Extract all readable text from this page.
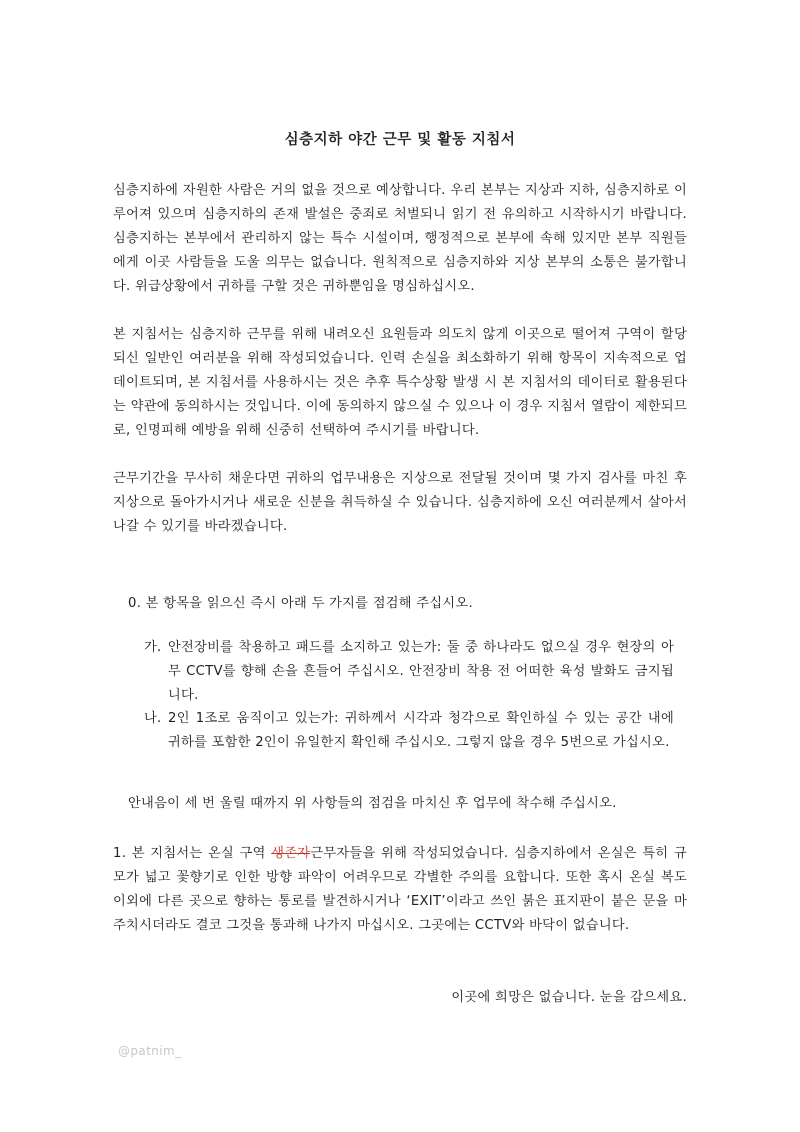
심층지하 야간 근무 및 활동 지침서

심층지하에 자원한 사람은 거의 없을 것으로 예상합니다. 우리 본부는 지상과 지하, 심층지하로 이루어져 있으며 심층지하의 존재 발설은 중죄로 처벌되니 읽기 전 유의하고 시작하시기 바랍니다. 심층지하는 본부에서 관리하지 않는 특수 시설이며, 행정적으로 본부에 속해 있지만 본부 직원들에게 이곳 사람들을 도울 의무는 없습니다. 원칙적으로 심층지하와 지상 본부의 소통은 불가합니다. 위급상황에서 귀하를 구할 것은 귀하뿐임을 명심하십시오.

본 지침서는 심층지하 근무를 위해 내려오신 요원들과 의도치 않게 이곳으로 떨어져 구역이 할당되신 일반인 여러분을 위해 작성되었습니다. 인력 손실을 최소화하기 위해 항목이 지속적으로 업데이트되며, 본 지침서를 사용하시는 것은 추후 특수상황 발생 시 본 지침서의 데이터로 활용된다는 약관에 동의하시는 것입니다. 이에 동의하지 않으실 수 있으나 이 경우 지침서 열람이 제한되므로, 인명피해 예방을 위해 신중히 선택하여 주시기를 바랍니다.

근무기간을 무사히 채운다면 귀하의 업무내용은 지상으로 전달될 것이며 몇 가지 검사를 마친 후 지상으로 돌아가시거나 새로운 신분을 취득하실 수 있습니다. 심층지하에 오신 여러분께서 살아서 나갈 수 있기를 바라겠습니다.

0. 본 항목을 읽으신 즉시 아래 두 가지를 점검해 주십시오.
가. 안전장비를 착용하고 패드를 소지하고 있는가: 둘 중 하나라도 없으실 경우 현장의 아무 CCTV를 향해 손을 흔들어 주십시오. 안전장비 착용 전 어떠한 육성 발화도 금지됩니다.
나. 2인 1조로 움직이고 있는가: 귀하께서 시각과 청각으로 확인하실 수 있는 공간 내에 귀하를 포함한 2인이 유일한지 확인해 주십시오. 그렇지 않을 경우 5번으로 가십시오.
안내음이 세 번 울릴 때까지 위 사항들의 점검을 마치신 후 업무에 착수해 주십시오.

1. 본 지침서는 온실 구역 생존자근무자들을 위해 작성되었습니다. 심층지하에서 온실은 특히 규모가 넓고 꽃향기로 인한 방향 파악이 어려우므로 각별한 주의를 요합니다. 또한 혹시 온실 복도 이외에 다른 곳으로 향하는 통로를 발견하시거나 ‘EXIT’이라고 쓰인 붉은 표지판이 붙은 문을 마주치시더라도 결코 그것을 통과해 나가지 마십시오. 그곳에는 CCTV와 바닥이 없습니다.

이곳에 희망은 없습니다. 눈을 감으세요.
@patnim_
